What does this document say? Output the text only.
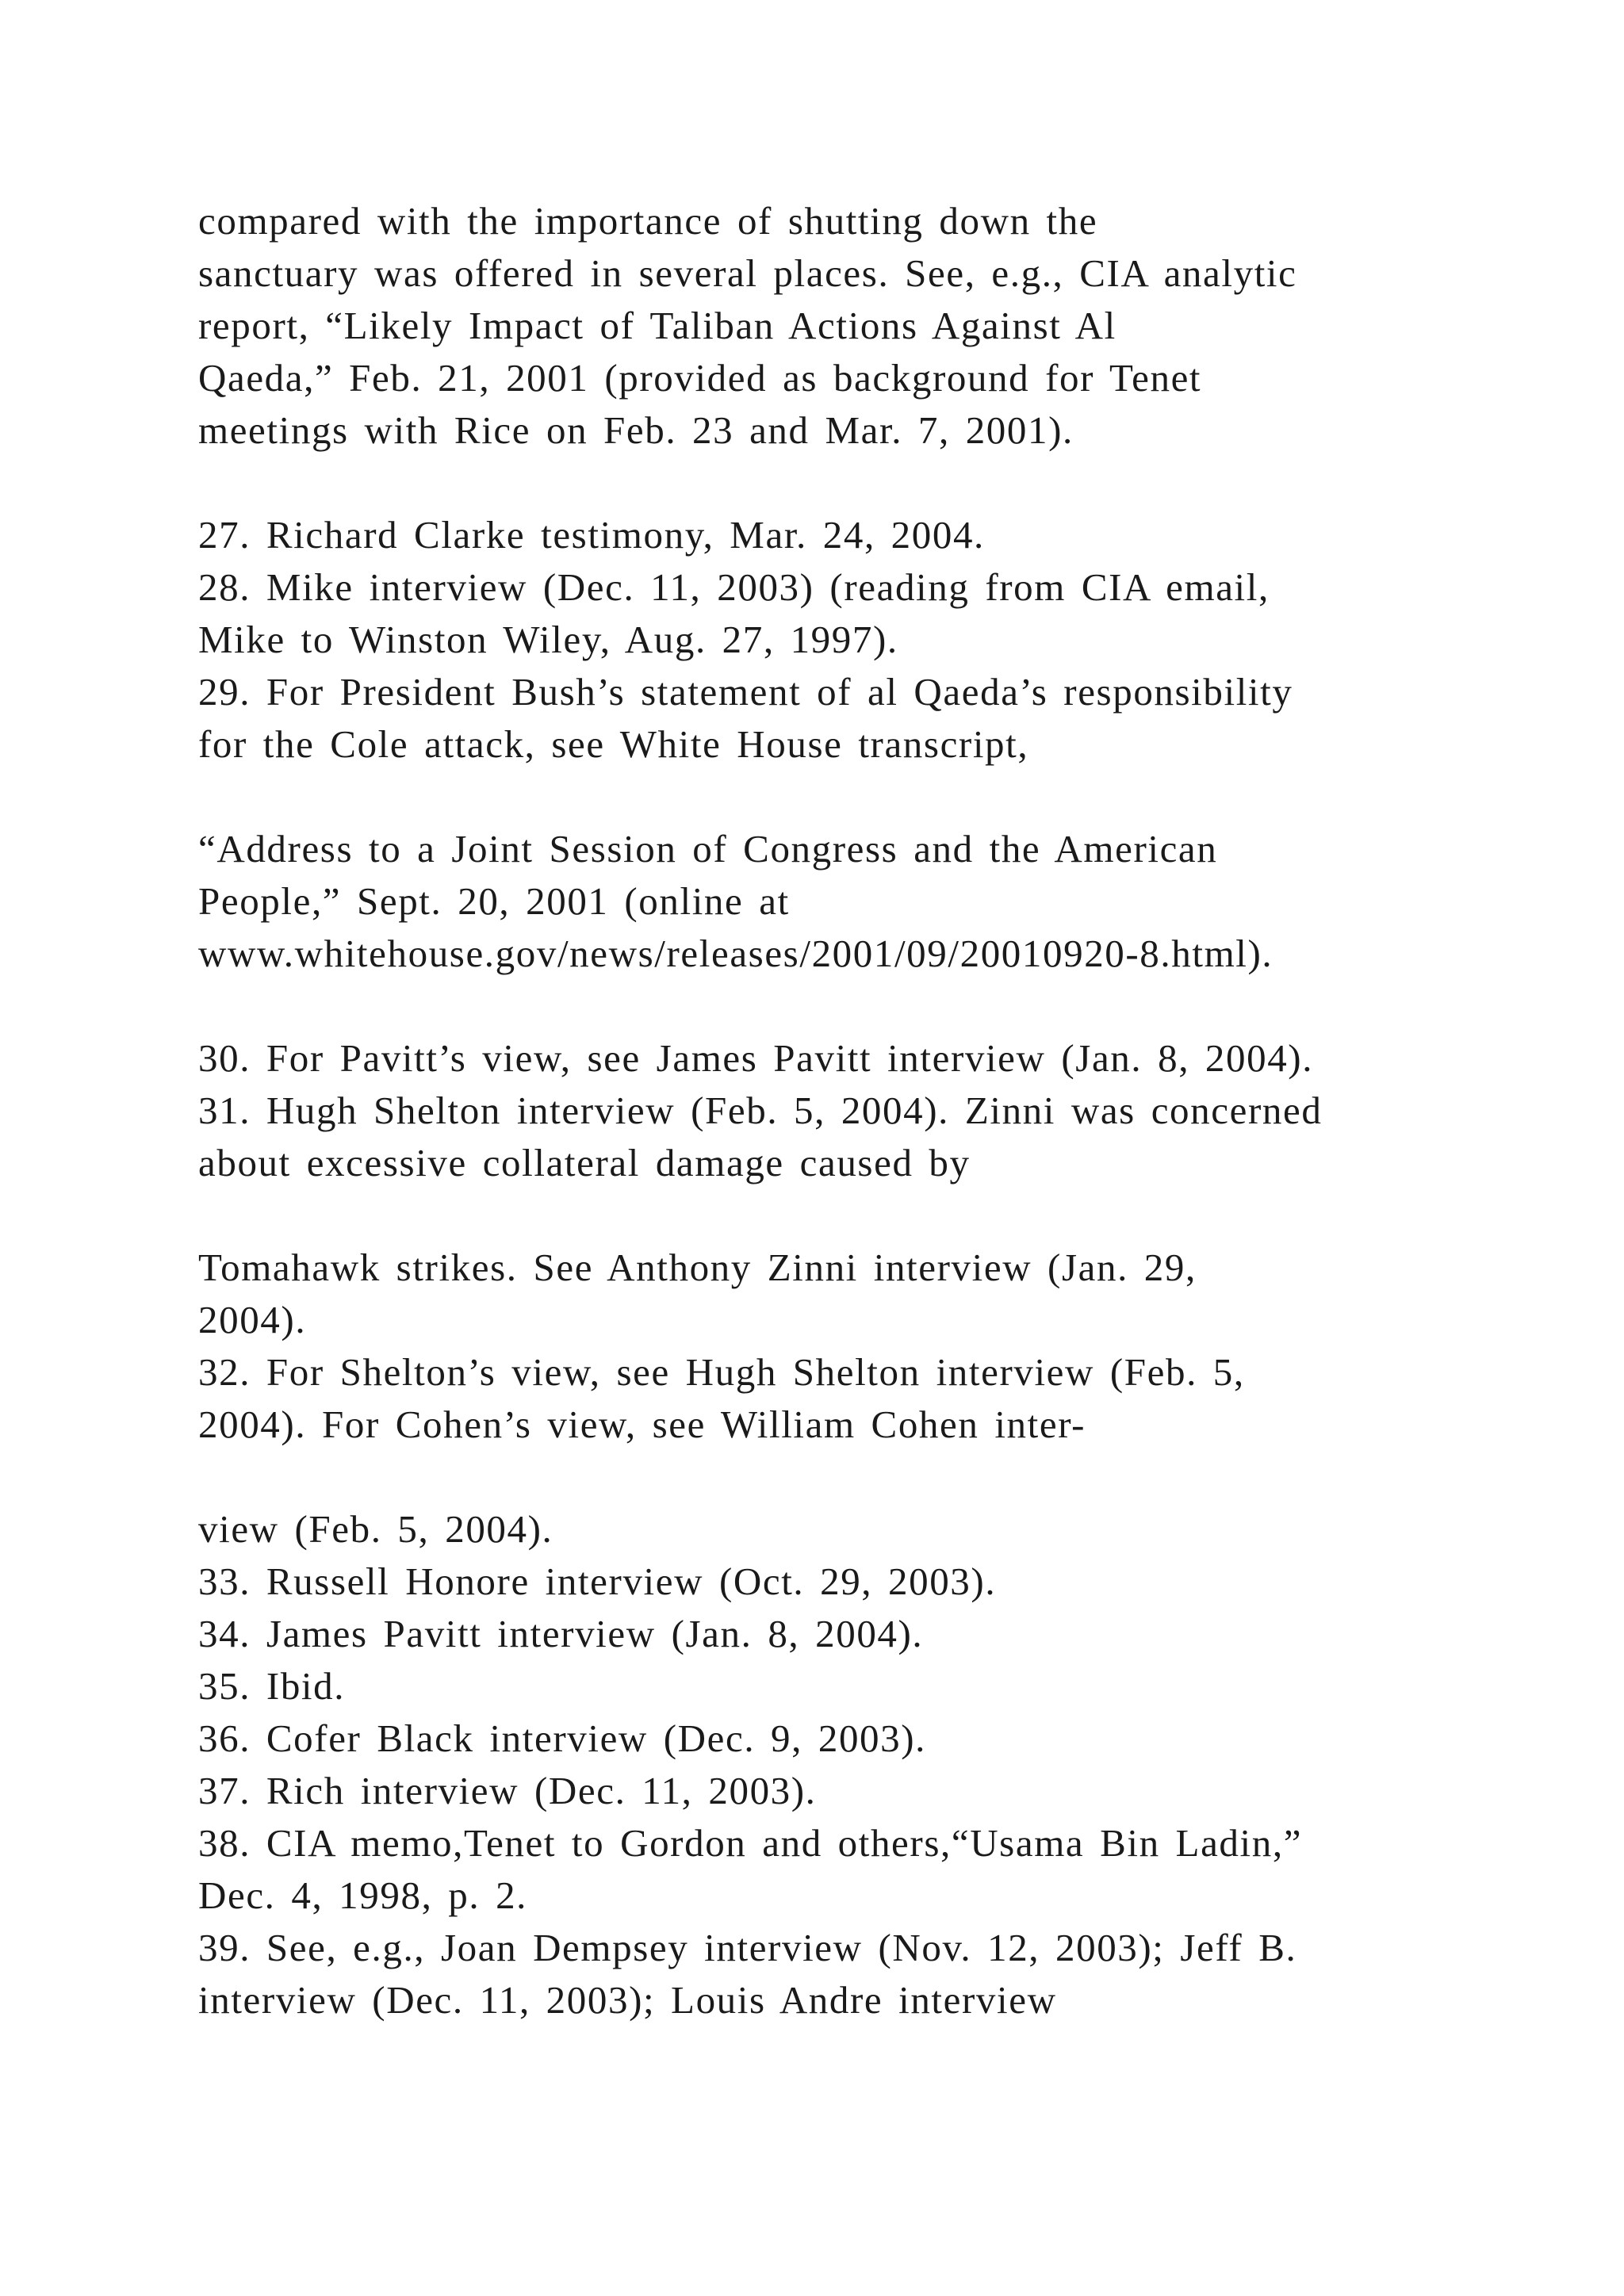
compared with the importance of shutting down the
sanctuary was offered in several places. See, e.g., CIA analytic
report, “Likely Impact of Taliban Actions Against Al
Qaeda,” Feb. 21, 2001 (provided as background for Tenet
meetings with Rice on Feb. 23 and Mar. 7, 2001).
27. Richard Clarke testimony, Mar. 24, 2004.
28. Mike interview (Dec. 11, 2003) (reading from CIA email,
Mike to Winston Wiley, Aug. 27, 1997).
29. For President Bush’s statement of al Qaeda’s responsibility
for the Cole attack, see White House transcript,
“Address to a Joint Session of Congress and the American
People,” Sept. 20, 2001 (online at
www.whitehouse.gov/news/releases/2001/09/20010920-8.html).
30. For Pavitt’s view, see James Pavitt interview (Jan. 8, 2004).
31. Hugh Shelton interview (Feb. 5, 2004). Zinni was concerned
about excessive collateral damage caused by
Tomahawk strikes. See Anthony Zinni interview (Jan. 29,
2004).
32. For Shelton’s view, see Hugh Shelton interview (Feb. 5,
2004). For Cohen’s view, see William Cohen inter-
view (Feb. 5, 2004).
33. Russell Honore interview (Oct. 29, 2003).
34. James Pavitt interview (Jan. 8, 2004).
35. Ibid.
36. Cofer Black interview (Dec. 9, 2003).
37. Rich interview (Dec. 11, 2003).
38. CIA memo,Tenet to Gordon and others,“Usama Bin Ladin,”
Dec. 4, 1998, p. 2.
39. See, e.g., Joan Dempsey interview (Nov. 12, 2003); Jeff B.
interview (Dec. 11, 2003); Louis Andre interview
